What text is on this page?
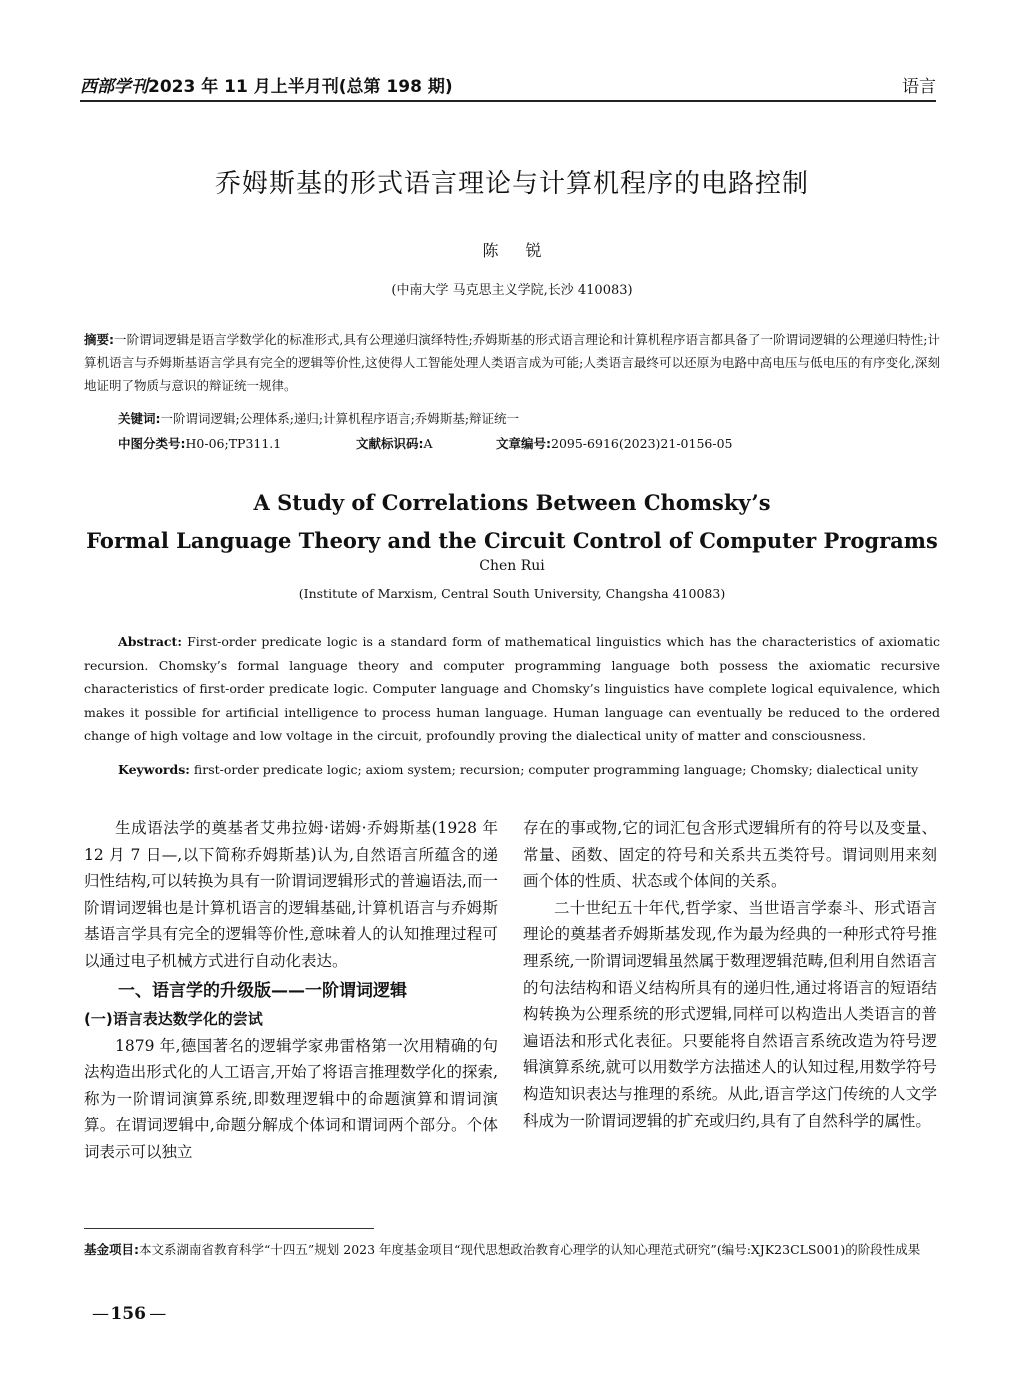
西部学刊2023 年 11 月上半月刊(总第 198 期)	语言
乔姆斯基的形式语言理论与计算机程序的电路控制
陈 锐
(中南大学 马克思主义学院,长沙 410083)
摘要:一阶谓词逻辑是语言学数学化的标准形式,具有公理递归演绎特性;乔姆斯基的形式语言理论和计算机程序语言都具备了一阶谓词逻辑的公理递归特性;计算机语言与乔姆斯基语言学具有完全的逻辑等价性,这使得人工智能处理人类语言成为可能;人类语言最终可以还原为电路中高电压与低电压的有序变化,深刻地证明了物质与意识的辩证统一规律。
关键词:一阶谓词逻辑;公理体系;递归;计算机程序语言;乔姆斯基;辩证统一
中图分类号:H0-06;TP311.1	文献标识码:A	文章编号:2095-6916(2023)21-0156-05
A Study of Correlations Between Chomsky’s
Formal Language Theory and the Circuit Control of Computer Programs
Chen Rui
(Institute of Marxism, Central South University, Changsha 410083)
Abstract: First-order predicate logic is a standard form of mathematical linguistics which has the characteristics of axiomatic recursion. Chomsky’s formal language theory and computer programming language both possess the axiomatic recursive characteristics of first-order predicate logic. Computer language and Chomsky’s linguistics have complete logical equivalence, which makes it possible for artificial intelligence to process human language. Human language can eventually be reduced to the ordered change of high voltage and low voltage in the circuit, profoundly proving the dialectical unity of matter and consciousness.
Keywords: first-order predicate logic; axiom system; recursion; computer programming language; Chomsky; dialectical unity

生成语法学的奠基者艾弗拉姆·诺姆·乔姆斯基(1928 年 12 月 7 日—,以下简称乔姆斯基)认为,自然语言所蕴含的递归性结构,可以转换为具有一阶谓词逻辑形式的普遍语法,而一阶谓词逻辑也是计算机语言的逻辑基础,计算机语言与乔姆斯基语言学具有完全的逻辑等价性,意味着人的认知推理过程可以通过电子机械方式进行自动化表达。

一、语言学的升级版——一阶谓词逻辑
(一)语言表达数学化的尝试

1879 年,德国著名的逻辑学家弗雷格第一次用精确的句法构造出形式化的人工语言,开始了将语言推理数学化的探索,称为一阶谓词演算系统,即数理逻辑中的命题演算和谓词演算。在谓词逻辑中,命题分解成个体词和谓词两个部分。个体词表示可以独立

存在的事或物,它的词汇包含形式逻辑所有的符号以及变量、常量、函数、固定的符号和关系共五类符号。谓词则用来刻画个体的性质、状态或个体间的关系。

二十世纪五十年代,哲学家、当世语言学泰斗、形式语言理论的奠基者乔姆斯基发现,作为最为经典的一种形式符号推理系统,一阶谓词逻辑虽然属于数理逻辑范畴,但利用自然语言的句法结构和语义结构所具有的递归性,通过将语言的短语结构转换为公理系统的形式逻辑,同样可以构造出人类语言的普遍语法和形式化表征。只要能将自然语言系统改造为符号逻辑演算系统,就可以用数学方法描述人的认知过程,用数学符号构造知识表达与推理的系统。从此,语言学这门传统的人文学科成为一阶谓词逻辑的扩充或归约,具有了自然科学的属性。

基金项目:本文系湖南省教育科学“十四五”规划 2023 年度基金项目“现代思想政治教育心理学的认知心理范式研究”(编号:XJK23CLS001)的阶段性成果
— 156 —
